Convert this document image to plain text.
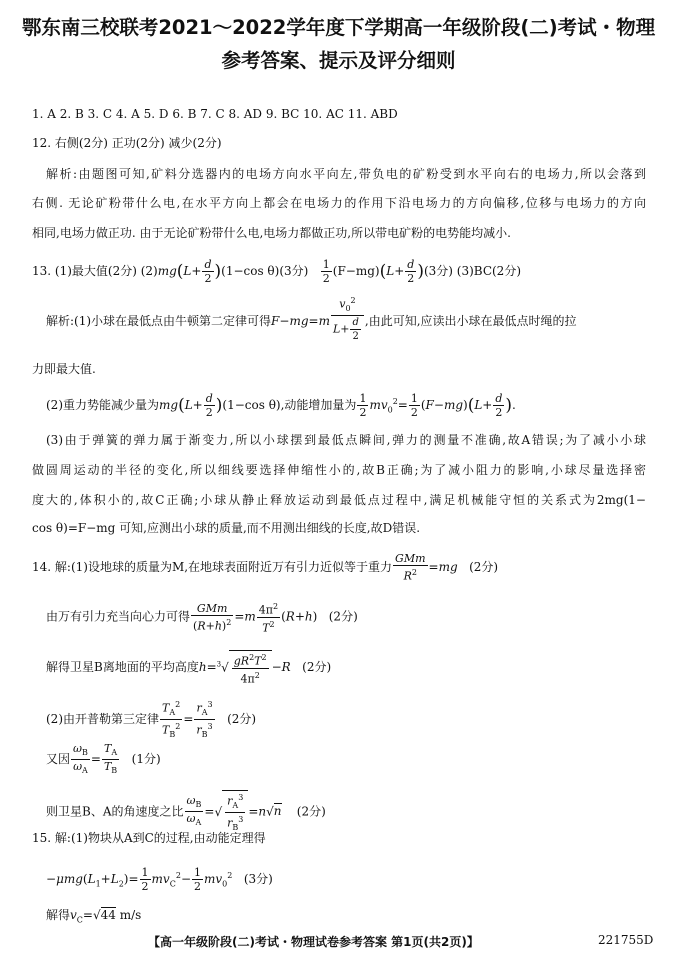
鄂东南三校联考2021～2022学年度下学期高一年级阶段(二)考试・物理
参考答案、提示及评分细则
1. A 2. B 3. C 4. A 5. D 6. B 7. C 8. AD 9. BC 10. AC 11. ABD
12. 右侧(2分) 正功(2分) 减少(2分)
解析:由题图可知,矿料分选器内的电场方向水平向左,带负电的矿粉受到水平向右的电场力,所以会落到
右侧. 无论矿粉带什么电,在水平方向上都会在电场力的作用下沿电场力的方向偏移,位移与电场力的方向
相同,电场力做正功. 由于无论矿粉带什么电,电场力都做正功,所以带电矿粉的电势能均减小.
13. (1)最大值(2分) $(2)mg(L+ \frac{d}{2} )(1-\cos$ θ)(3分) $\frac{1}{2} (F-mg)(L+ \frac{d}{2} )(3$分) (3)BC(2分)
解析:(1)小球在最低点由牛顿第二定律可得$F-mg=m \frac{v_0^2}{L+ \frac{d}{2}}$ ,由此可知,应读出小球在最低点时绳的拉
力即最大值.
(2)重力势能减少量为$mg(L+ \frac{d}{2} )(1-\cos$ θ),动能增加量为 $\frac{1}{2} mv_0^2= \frac{1}{2} (F-mg)(L+ \frac{d}{2}$ ).
(3)由于弹簧的弹力属于渐变力,所以小球摆到最低点瞬间,弹力的测量不准确,故A错误;为了减小小球
做圆周运动的半径的变化,所以细线要选择伸缩性小的,故B正确;为了减小阻力的影响,小球尽量选择密
度大的,体积小的,故C正确;小球从静止释放运动到最低点过程中,满足机械能守恒的关系式为2mg(1−
cos θ)=F−mg 可知,应测出小球的质量,而不用测出细线的长度,故D错误.
14. 解:(1)设地球的质量为M,在地球表面附近万有引力近似等于重力 $\frac{\text{GMm}}{R^2} =mg$ (2分)
由万有引力充当向心力可得 $\frac{\text{GMm}}{(R+h)^2} =m \frac{4\pi^2}{T^2} (R+h)$   (2分)
解得卫星B离地面的平均高度$h=^3√ \frac{gR^2T^2}{4\pi^2} -R$ (2分)
(2)由开普勒第三定律 $\frac{T_A^2}{T_B^2} = \frac{r_A^3}{r_B^3} (2$分)
又因 $\frac{\omega_B}{\omega_A} = \frac{T_A}{T_B} (1$分)
则卫星B、A的角速度之比 $\frac{\omega_B}{\omega_A}$ =√ $\frac{r_A^3}{r_B^3} =n√n$ (2分)
15. 解:(1)物块从A到C的过程,由动能定理得
$-\mu mg(L_1+L_2)= \frac{1}{2} mv_C^2- \frac{1}{2} mv_0^2$ (3分)
解得$v_C=√44$ m/s
【高一年级阶段(二)考试・物理试卷参考答案 第1页(共2页)】	221755D
